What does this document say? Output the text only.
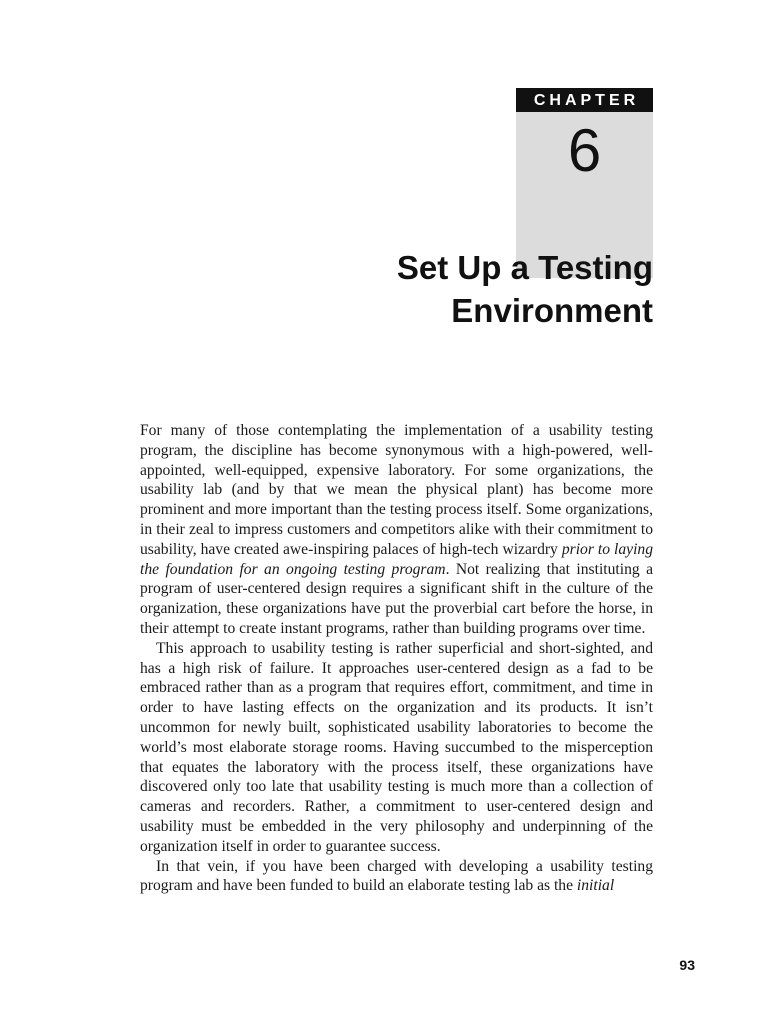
CHAPTER
6
Set Up a Testing
Environment

For many of those contemplating the implementation of a usability testing program, the discipline has become synonymous with a high-powered, well-appointed, well-equipped, expensive laboratory. For some organizations, the usability lab (and by that we mean the physical plant) has become more prominent and more important than the testing process itself. Some organizations, in their zeal to impress customers and competitors alike with their commitment to usability, have created awe-inspiring palaces of high-tech wizardry prior to laying the foundation for an ongoing testing program. Not realizing that instituting a program of user-centered design requires a significant shift in the culture of the organization, these organizations have put the proverbial cart before the horse, in their attempt to create instant programs, rather than building programs over time.

This approach to usability testing is rather superficial and short-sighted, and has a high risk of failure. It approaches user-centered design as a fad to be embraced rather than as a program that requires effort, commitment, and time in order to have lasting effects on the organization and its products. It isn’t uncommon for newly built, sophisticated usability laboratories to become the world’s most elaborate storage rooms. Having succumbed to the misperception that equates the laboratory with the process itself, these organizations have discovered only too late that usability testing is much more than a collection of cameras and recorders. Rather, a commitment to user-centered design and usability must be embedded in the very philosophy and underpinning of the organization itself in order to guarantee success.

In that vein, if you have been charged with developing a usability testing program and have been funded to build an elaborate testing lab as the initial

93
